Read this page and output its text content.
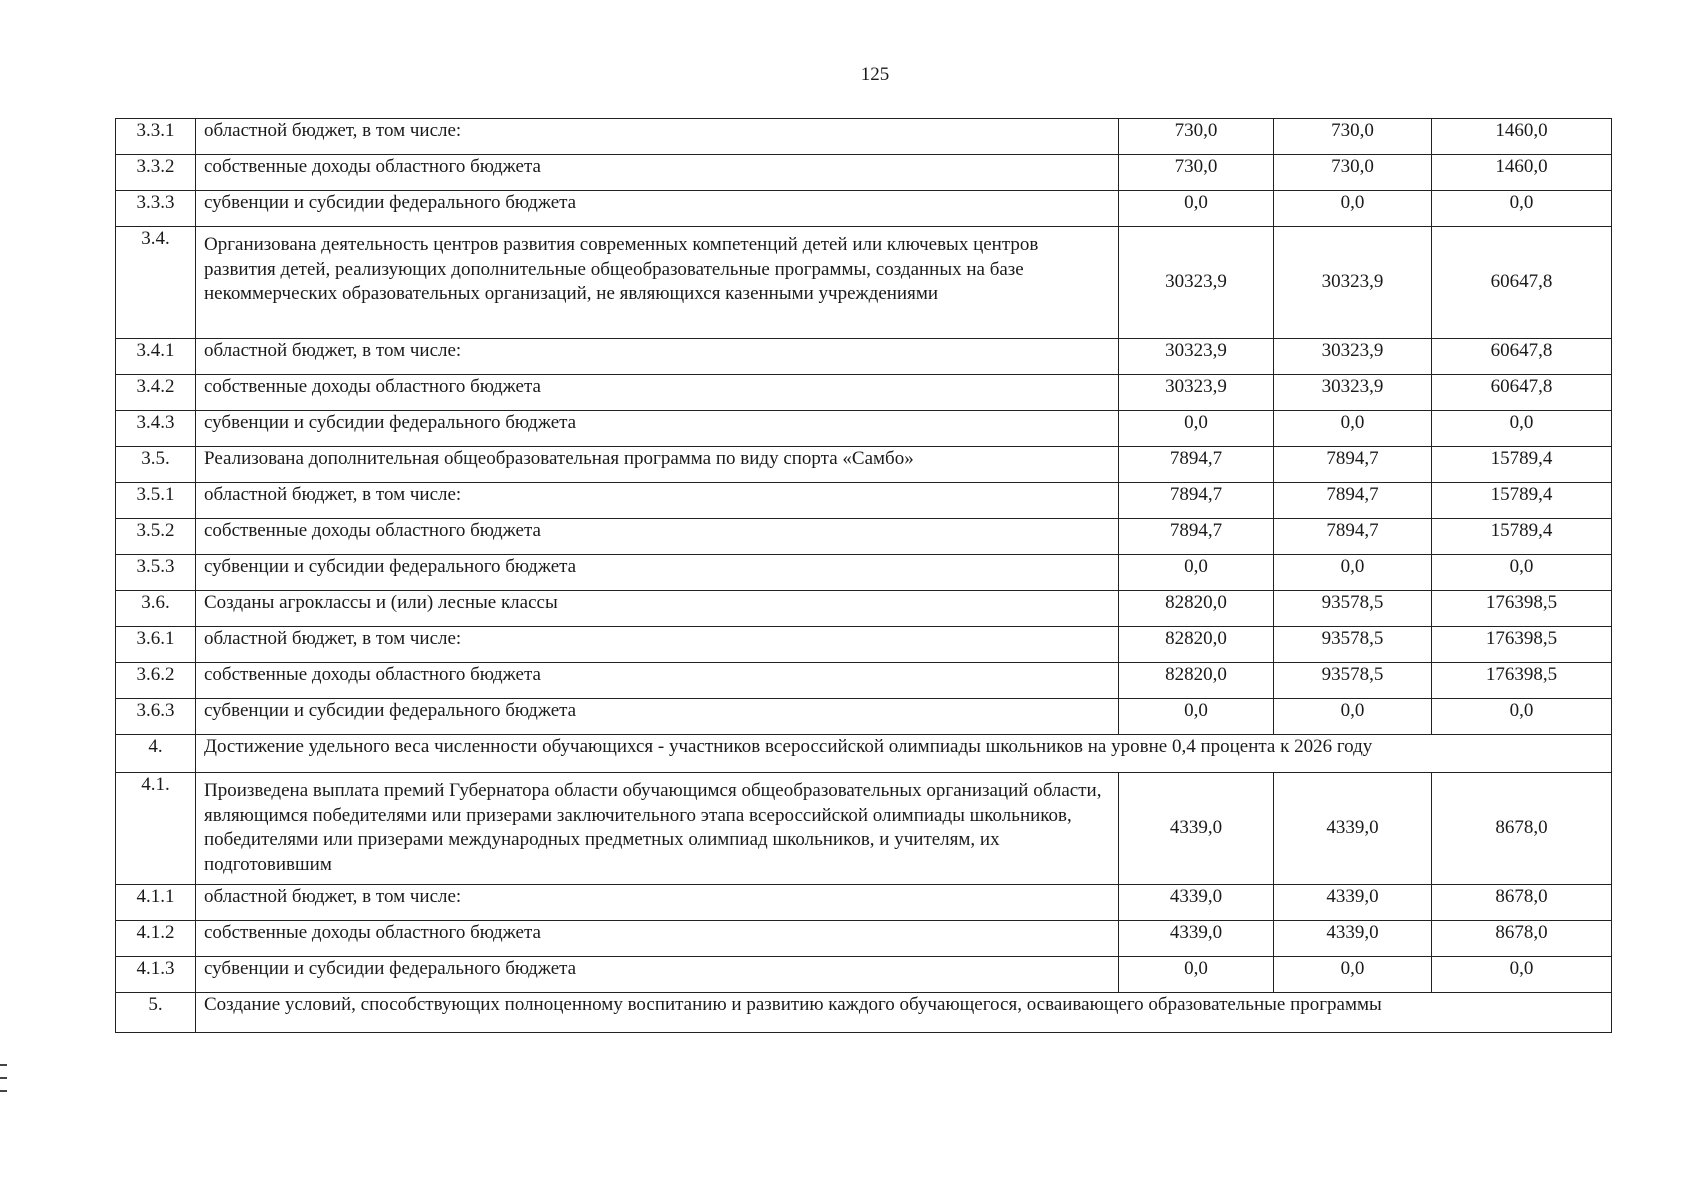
125
3.3.1	областной бюджет, в том числе:	730,0	730,0	1460,0
3.3.2	собственные доходы областного бюджета	730,0	730,0	1460,0
3.3.3	субвенции и субсидии федерального бюджета	0,0	0,0	0,0
3.4.	Организована деятельность центров развития современных компетенций детей или ключевых центров развития детей, реализующих дополнительные общеобразовательные программы, созданных на базе некоммерческих образовательных организаций, не являющихся казенными учреждениями	30323,9	30323,9	60647,8
3.4.1	областной бюджет, в том числе:	30323,9	30323,9	60647,8
3.4.2	собственные доходы областного бюджета	30323,9	30323,9	60647,8
3.4.3	субвенции и субсидии федерального бюджета	0,0	0,0	0,0
3.5.	Реализована дополнительная общеобразовательная программа по виду спорта «Самбо»	7894,7	7894,7	15789,4
3.5.1	областной бюджет, в том числе:	7894,7	7894,7	15789,4
3.5.2	собственные доходы областного бюджета	7894,7	7894,7	15789,4
3.5.3	субвенции и субсидии федерального бюджета	0,0	0,0	0,0
3.6.	Созданы агроклассы и (или) лесные классы	82820,0	93578,5	176398,5
3.6.1	областной бюджет, в том числе:	82820,0	93578,5	176398,5
3.6.2	собственные доходы областного бюджета	82820,0	93578,5	176398,5
3.6.3	субвенции и субсидии федерального бюджета	0,0	0,0	0,0
4.	Достижение удельного веса численности обучающихся - участников всероссийской олимпиады школьников на уровне 0,4 процента к 2026 году			
4.1.	Произведена выплата премий Губернатора области обучающимся общеобразовательных организаций области, являющимся победителями или призерами заключительного этапа всероссийской олимпиады школьников, победителями или призерами международных предметных олимпиад школьников, и учителям, их подготовившим	4339,0	4339,0	8678,0
4.1.1	областной бюджет, в том числе:	4339,0	4339,0	8678,0
4.1.2	собственные доходы областного бюджета	4339,0	4339,0	8678,0
4.1.3	субвенции и субсидии федерального бюджета	0,0	0,0	0,0
5.	Создание условий, способствующих полноценному воспитанию и развитию каждого обучающегося, осваивающего образовательные программы			
